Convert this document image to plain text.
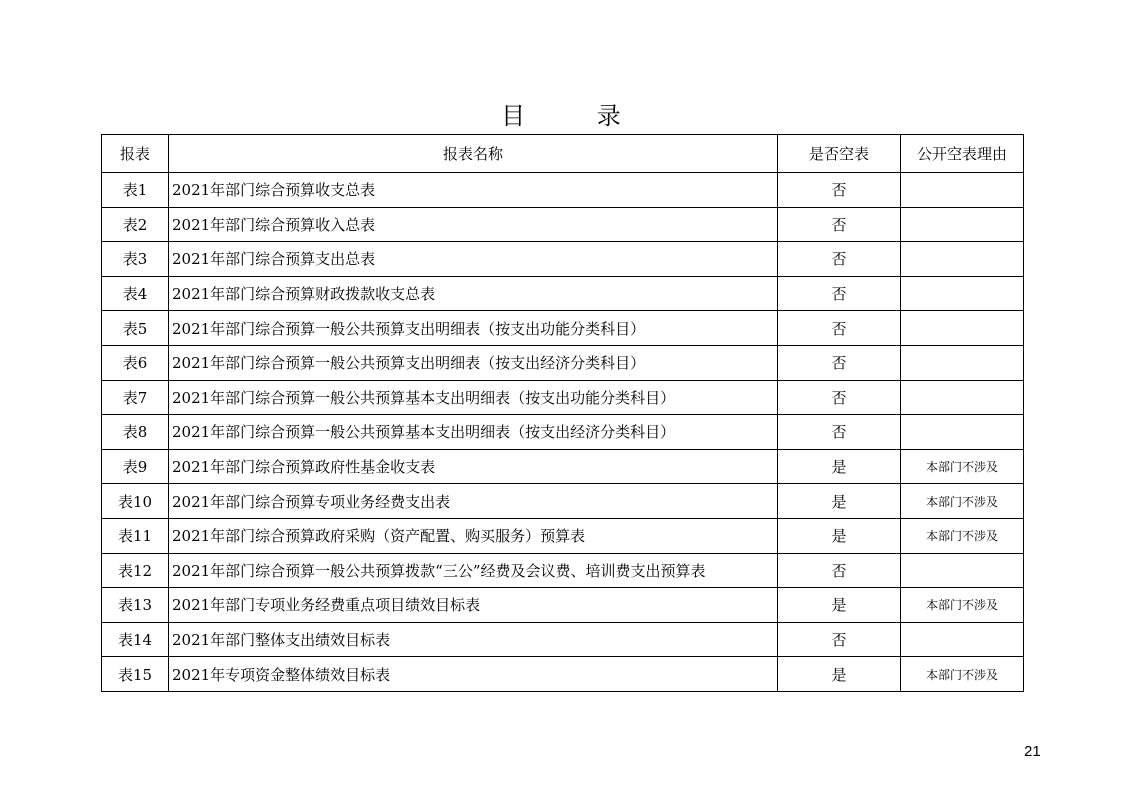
目 录
报表	报表名称	是否空表	公开空表理由
表1	2021年部门综合预算收支总表	否	
表2	2021年部门综合预算收入总表	否	
表3	2021年部门综合预算支出总表	否	
表4	2021年部门综合预算财政拨款收支总表	否	
表5	2021年部门综合预算一般公共预算支出明细表（按支出功能分类科目）	否	
表6	2021年部门综合预算一般公共预算支出明细表（按支出经济分类科目）	否	
表7	2021年部门综合预算一般公共预算基本支出明细表（按支出功能分类科目）	否	
表8	2021年部门综合预算一般公共预算基本支出明细表（按支出经济分类科目）	否	
表9	2021年部门综合预算政府性基金收支表	是	本部门不涉及
表10	2021年部门综合预算专项业务经费支出表	是	本部门不涉及
表11	2021年部门综合预算政府采购（资产配置、购买服务）预算表	是	本部门不涉及
表12	2021年部门综合预算一般公共预算拨款“三公”经费及会议费、培训费支出预算表	否	
表13	2021年部门专项业务经费重点项目绩效目标表	是	本部门不涉及
表14	2021年部门整体支出绩效目标表	否	
表15	2021年专项资金整体绩效目标表	是	本部门不涉及
21
